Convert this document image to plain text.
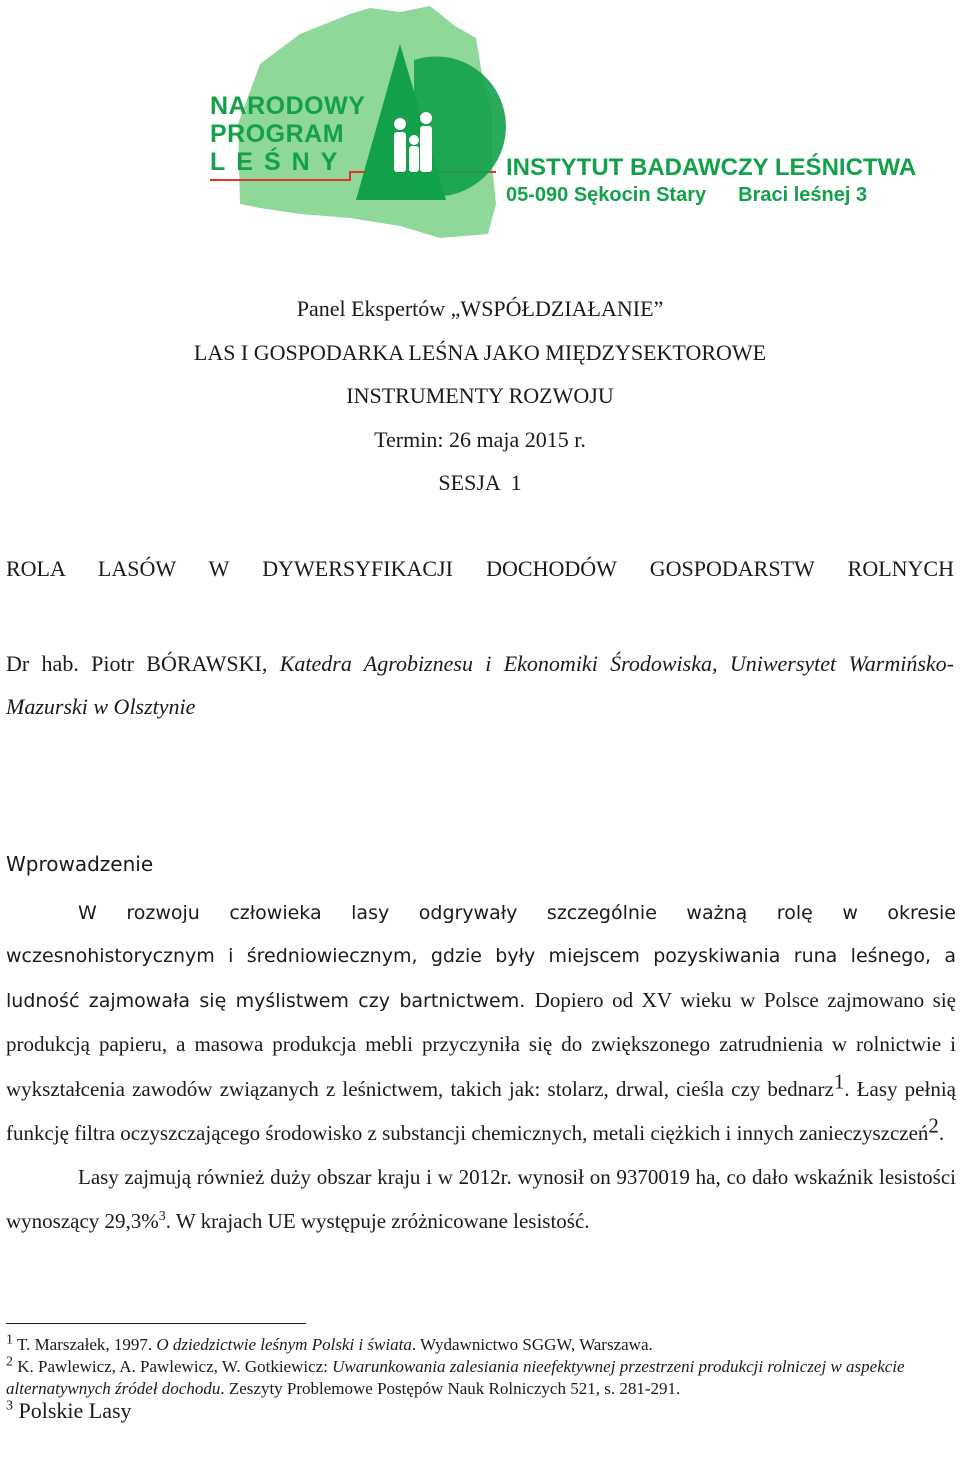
NARODOWY
PROGRAM
LEŚNY	INSTYTUT BADAWCZY LEŚNICTWA
05-090 Sękocin Stary Braci leśnej 3
Panel Ekspertów „WSPÓŁDZIAŁANIE”
LAS I GOSPODARKA LEŚNA JAKO MIĘDZYSEKTOROWE
INSTRUMENTY ROZWOJU
Termin: 26 maja 2015 r.
SESJA  1
ROLA LASÓW W DYWERSYFIKACJI DOCHODÓW GOSPODARSTW ROLNYCH
Dr hab. Piotr BÓRAWSKI, Katedra Agrobiznesu i Ekonomiki Środowiska, Uniwersytet Warmińsko-Mazurski w Olsztynie
Wprowadzenie
W rozwoju człowieka lasy odgrywały szczególnie ważną rolę w okresie wczesnohistorycznym i średniowiecznym, gdzie były miejscem pozyskiwania runa leśnego, a ludność zajmowała się myślistwem czy bartnictwem. Dopiero od XV wieku w Polsce zajmowano się produkcją papieru, a masowa produkcja mebli przyczyniła się do zwiększonego zatrudnienia w rolnictwie i wykształcenia zawodów związanych z leśnictwem, takich jak: stolarz, drwal, cieśla czy bednarz$^1$. Łasy pełnią funkcję filtra oczyszczającego środowisko z substancji chemicznych, metali ciężkich i innych zanieczyszczeń$^2$.
Lasy zajmują również duży obszar kraju i w 2012r. wynosił on 9370019 ha, co dało wskaźnik lesistości wynoszący 29,3%$^3$. W krajach UE występuje zróżnicowane lesistość.

$^1$ T. Marszałek, 1997. O dziedzictwie leśnym Polski i świata. Wydawnictwo SGGW, Warszawa.

$^2$ K. Pawlewicz, A. Pawlewicz, W. Gotkiewicz: Uwarunkowania zalesiania nieefektywnej przestrzeni produkcji rolniczej w aspekcie alternatywnych źródeł dochodu. Zeszyty Problemowe Postępów Nauk Rolniczych 521, s. 281-291.

$^3$ Polskie Lasy
